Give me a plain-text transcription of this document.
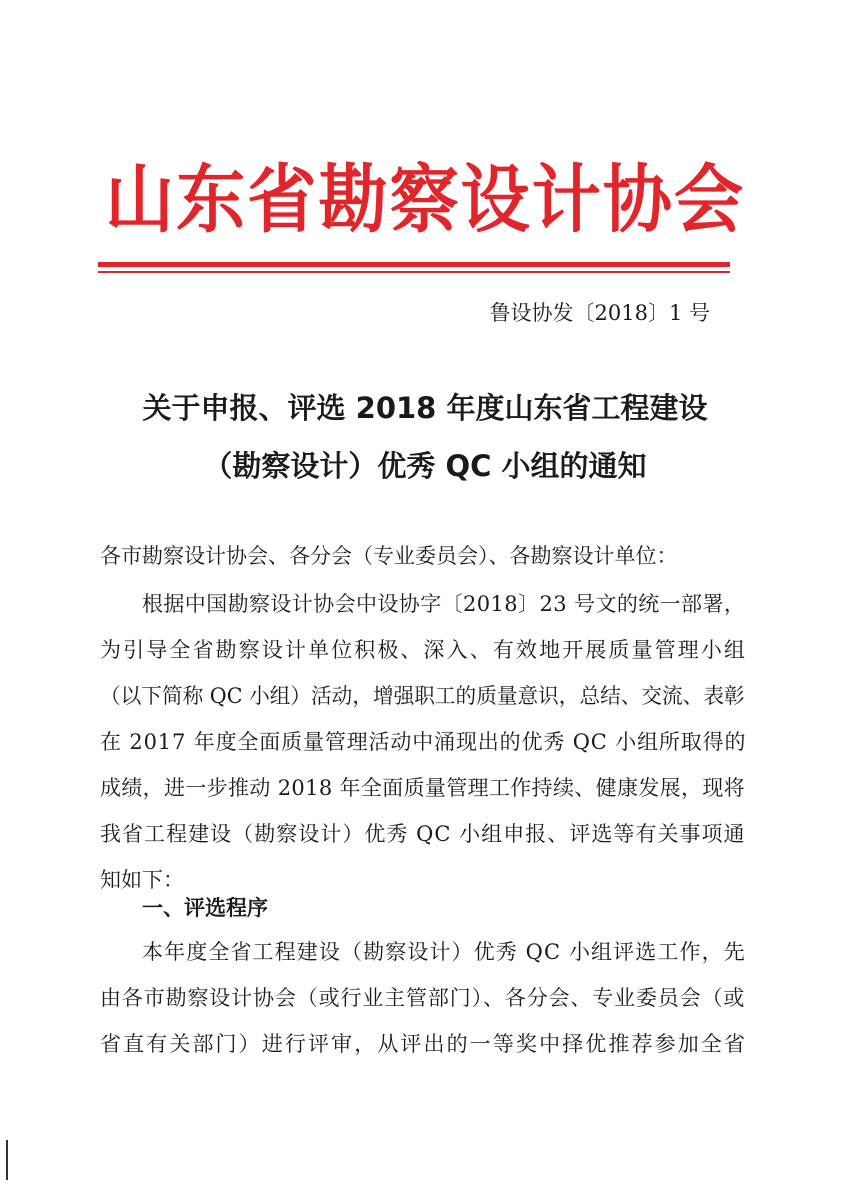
山东省勘察设计协会
鲁设协发〔2018〕1 号
关于申报、评选 2018 年度山东省工程建设
（勘察设计）优秀 QC 小组的通知
各市勘察设计协会、各分会（专业委员会）、各勘察设计单位：
根据中国勘察设计协会中设协字〔2018〕23 号文的统一部署，
为引导全省勘察设计单位积极、深入、有效地开展质量管理小组
（以下简称 QC 小组）活动，增强职工的质量意识，总结、交流、表彰
在 2017 年度全面质量管理活动中涌现出的优秀 QC 小组所取得的
成绩，进一步推动 2018 年全面质量管理工作持续、健康发展，现将
我省工程建设（勘察设计）优秀 QC 小组申报、评选等有关事项通
知如下：
一、评选程序
本年度全省工程建设（勘察设计）优秀 QC 小组评选工作，先
由各市勘察设计协会（或行业主管部门）、各分会、专业委员会（或
省直有关部门）进行评审，从评出的一等奖中择优推荐参加全省
